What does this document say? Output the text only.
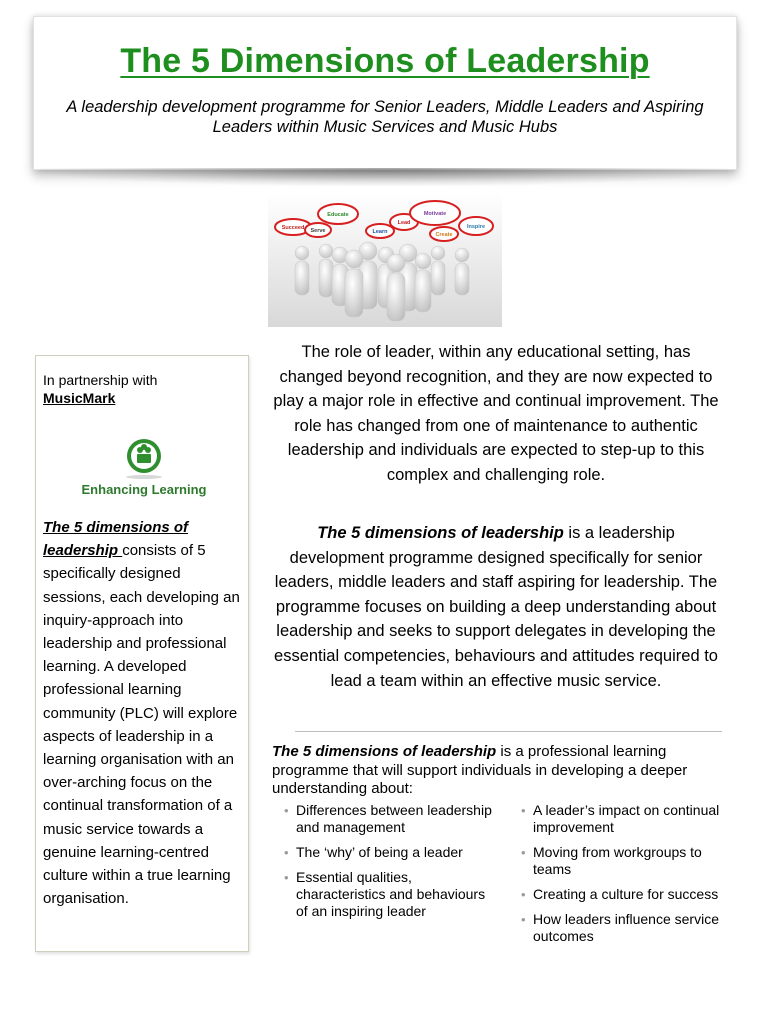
The 5 Dimensions of Leadership
A leadership development programme for Senior Leaders, Middle Leaders and Aspiring Leaders within Music Services and Music Hubs
Succeed Serve
Educate
Learn
Lead
Motivate
Create
Inspire
In partnership with
MusicMark
Enhancing Learning
The 5 dimensions of leadership consists of 5 specifically designed sessions, each developing an inquiry-approach into leadership and professional learning. A developed professional learning community (PLC) will explore aspects of leadership in a learning organisation with an over-arching focus on the continual transformation of a music service towards a genuine learning-centred culture within a true learning organisation.
The role of leader, within any educational setting, has changed beyond recognition, and they are now expected to play a major role in effective and continual improvement. The role has changed from one of maintenance to authentic leadership and individuals are expected to step-up to this complex and challenging role.
The 5 dimensions of leadership is a leadership development programme designed specifically for senior leaders, middle leaders and staff aspiring for leadership. The programme focuses on building a deep understanding about leadership and seeks to support delegates in developing the essential competencies, behaviours and attitudes required to lead a team within an effective music service.
The 5 dimensions of leadership is a professional learning programme that will support individuals in developing a deeper understanding about:
• Differences between leadership and management
• The ‘why’ of being a leader
• Essential qualities, characteristics and behaviours of an inspiring leader
• A leader’s impact on continual improvement
• Moving from workgroups to teams
• Creating a culture for success
• How leaders influence service outcomes
